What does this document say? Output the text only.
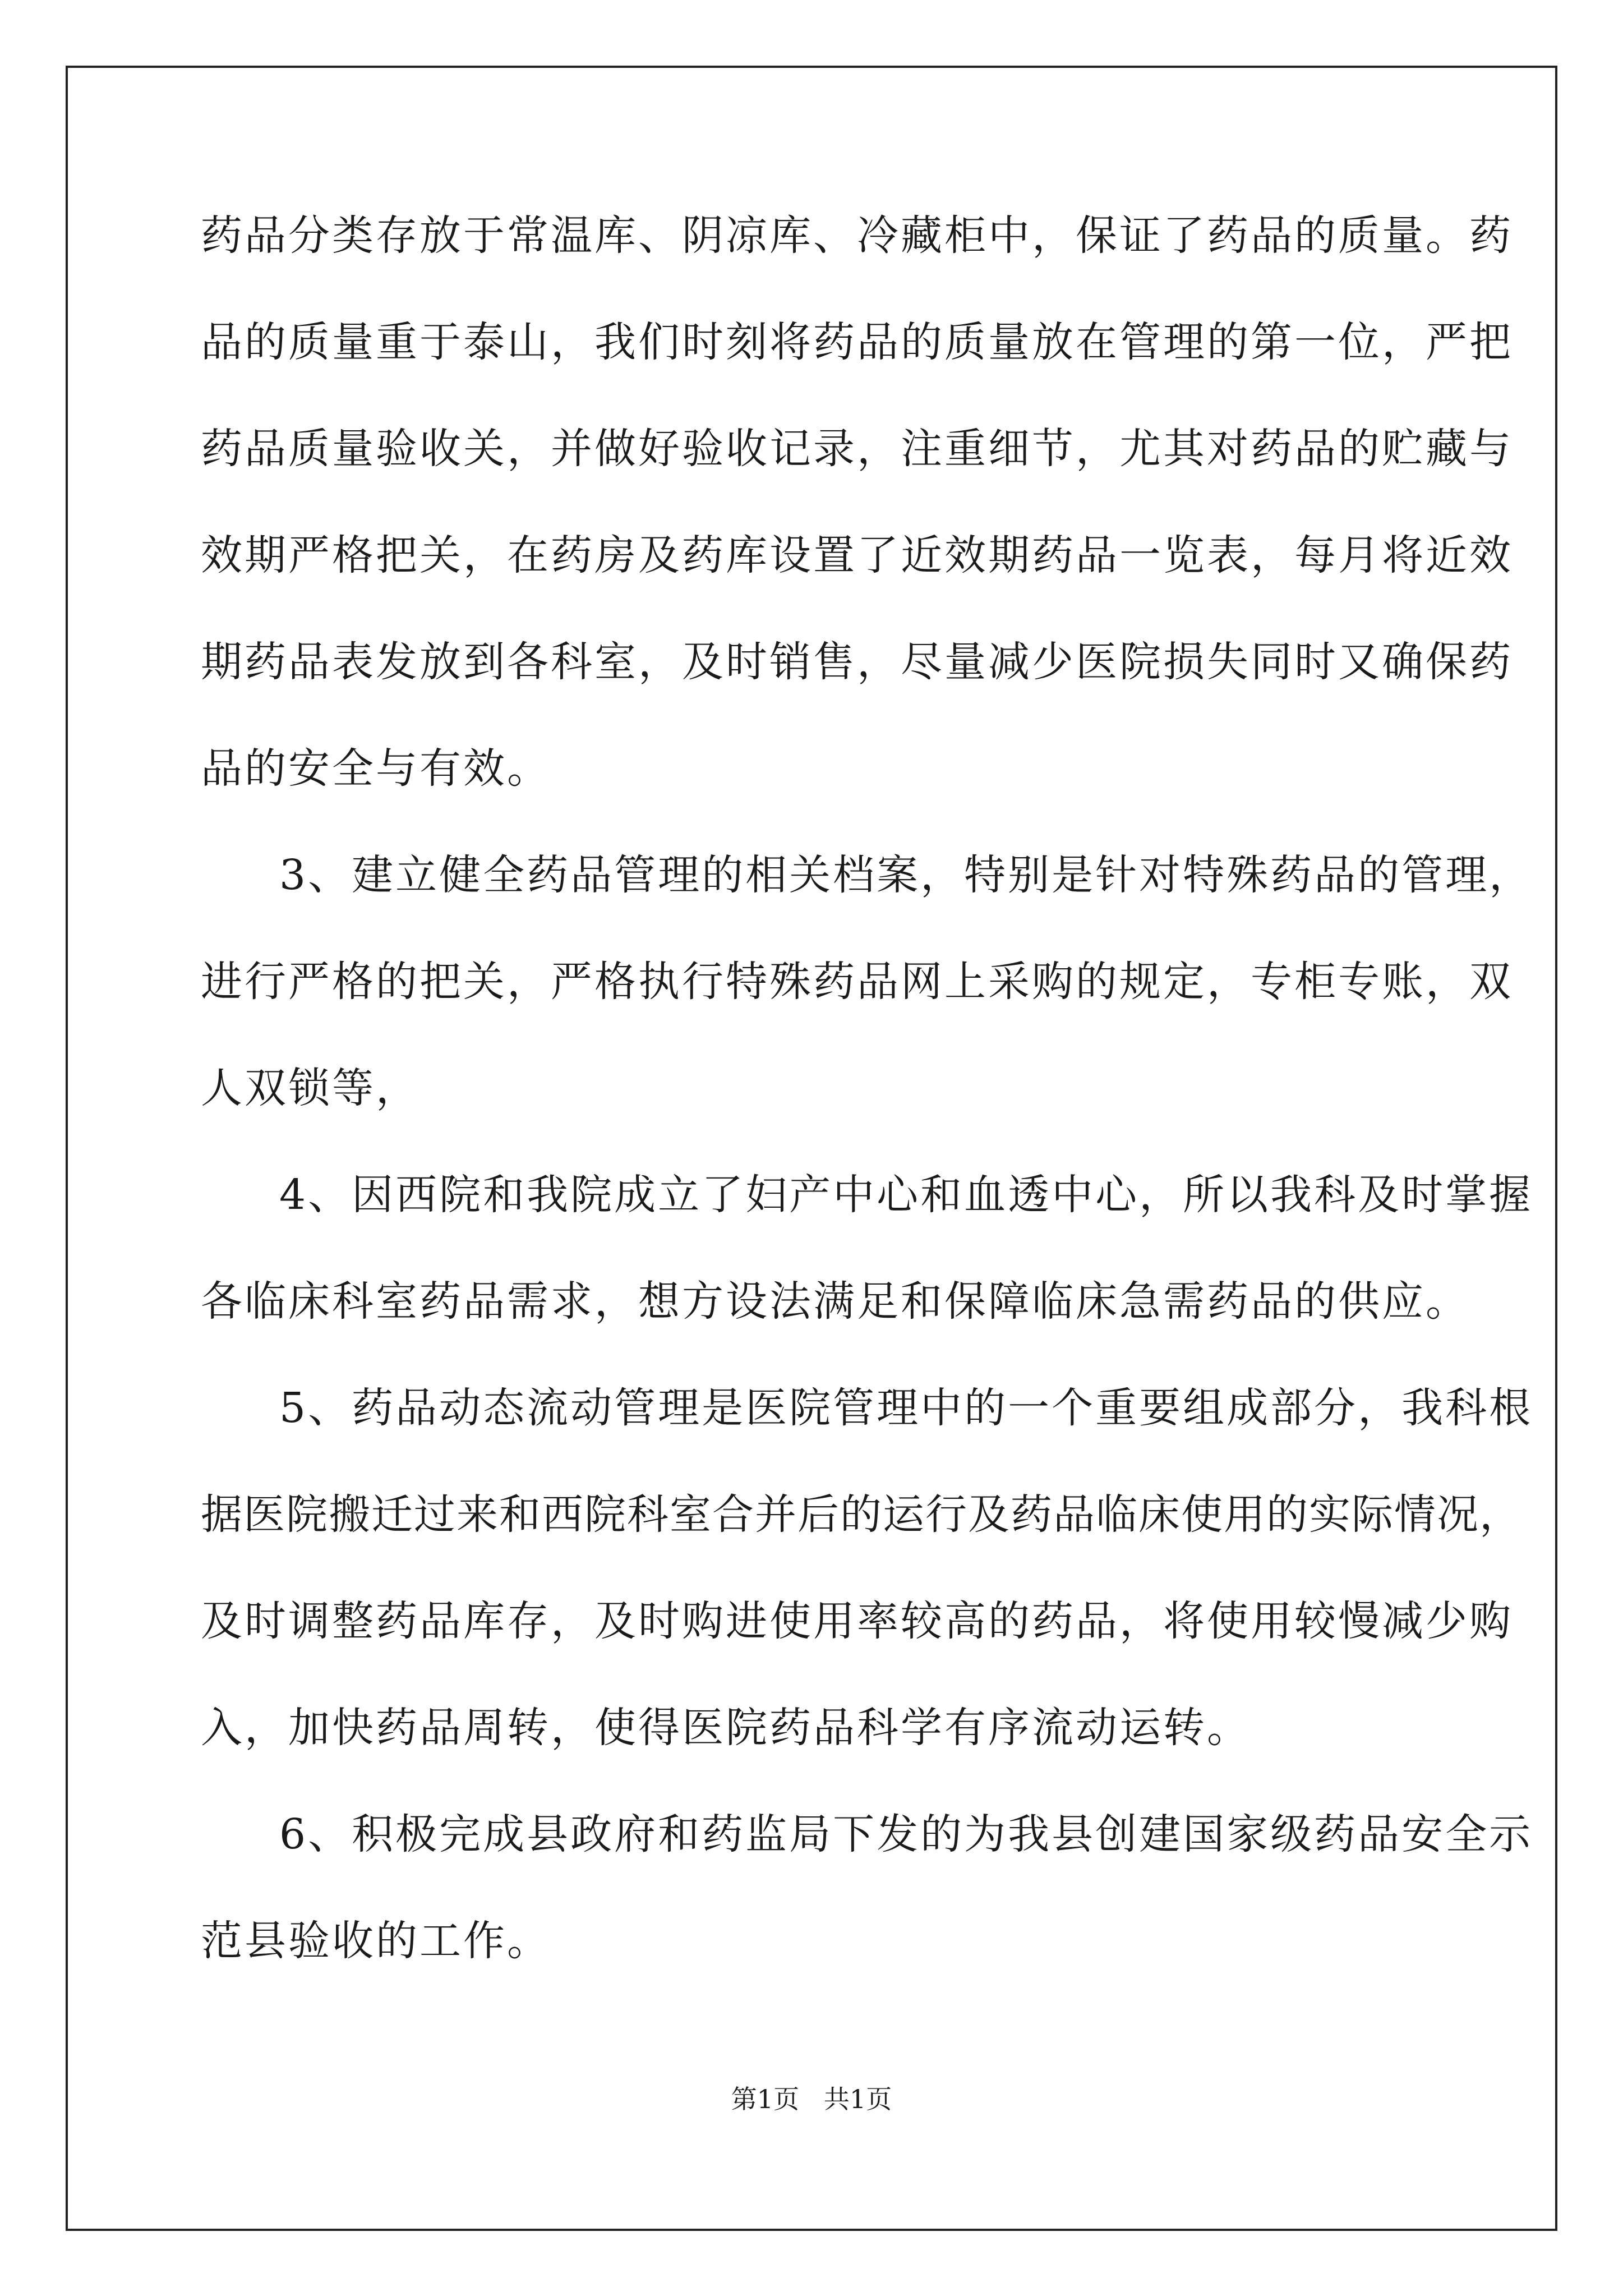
药品分类存放于常温库、阴凉库、冷藏柜中，保证了药品的质量。药
品的质量重于泰山，我们时刻将药品的质量放在管理的第一位，严把
药品质量验收关，并做好验收记录，注重细节，尤其对药品的贮藏与
效期严格把关，在药房及药库设置了近效期药品一览表，每月将近效
期药品表发放到各科室，及时销售，尽量减少医院损失同时又确保药
品的安全与有效。
3、建立健全药品管理的相关档案，特别是针对特殊药品的管理，
进行严格的把关，严格执行特殊药品网上采购的规定，专柜专账，双
人双锁等，
4、因西院和我院成立了妇产中心和血透中心，所以我科及时掌握
各临床科室药品需求，想方设法满足和保障临床急需药品的供应。
5、药品动态流动管理是医院管理中的一个重要组成部分，我科根
据医院搬迁过来和西院科室合并后的运行及药品临床使用的实际情况，
及时调整药品库存，及时购进使用率较高的药品，将使用较慢减少购
入，加快药品周转，使得医院药品科学有序流动运转。
6、积极完成县政府和药监局下发的为我县创建国家级药品安全示
范县验收的工作。
第1页   共1页
